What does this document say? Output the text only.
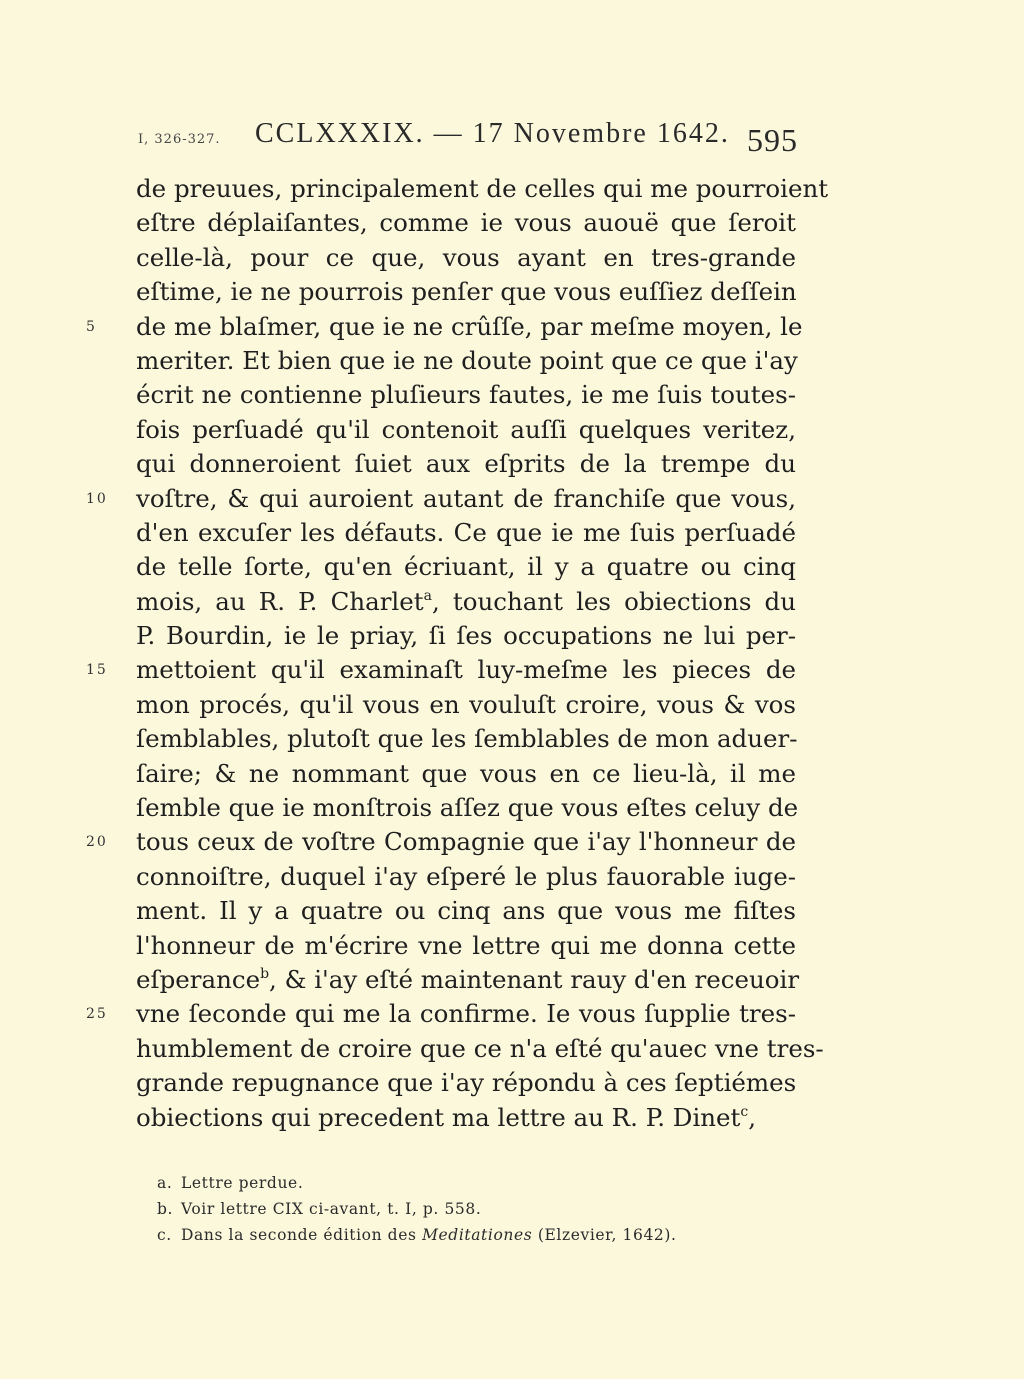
I, 326-327. CCLXXXIX. — 17 Novembre 1642. 595
de preuues, principalement de celles qui me pourroient
eſtre déplaiſantes, comme ie vous auouë que ſeroit
celle-là, pour ce que, vous ayant en tres-grande
eſtime, ie ne pourrois penſer que vous euſſiez deſſein
5	de me blaſmer, que ie ne crûſſe, par meſme moyen, le
meriter. Et bien que ie ne doute point que ce que i'ay
écrit ne contienne pluſieurs fautes, ie me ſuis toutes-
fois perſuadé qu'il contenoit auſſi quelques veritez,
qui donneroient ſuiet aux eſprits de la trempe du
10	voſtre, & qui auroient autant de franchiſe que vous,
d'en excuſer les défauts. Ce que ie me ſuis perſuadé
de telle ſorte, qu'en écriuant, il y a quatre ou cinq
mois, au R. P. Charlet$^a$, touchant les obiections du
P. Bourdin, ie le priay, ſi ſes occupations ne lui per-
15	mettoient qu'il examinaſt luy-meſme les pieces de
mon procés, qu'il vous en vouluſt croire, vous & vos
ſemblables, plutoſt que les ſemblables de mon aduer-
ſaire; & ne nommant que vous en ce lieu-là, il me
ſemble que ie monſtrois aſſez que vous eſtes celuy de
20	tous ceux de voſtre Compagnie que i'ay l'honneur de
connoiſtre, duquel i'ay eſperé le plus fauorable iuge-
ment. Il y a quatre ou cinq ans que vous me fiſtes
l'honneur de m'écrire vne lettre qui me donna cette
eſperance$^b$, & i'ay eſté maintenant rauy d'en receuoir
25	vne ſeconde qui me la confirme. Ie vous ſupplie tres-
humblement de croire que ce n'a eſté qu'auec vne tres-
grande repugnance que i'ay répondu à ces ſeptiémes
obiections qui precedent ma lettre au R. P. Dinet$^c$,
a. Lettre perdue.
b. Voir lettre CIX ci-avant, t. I, p. 558.
c. Dans la seconde édition des Meditationes (Elzevier, 1642).
